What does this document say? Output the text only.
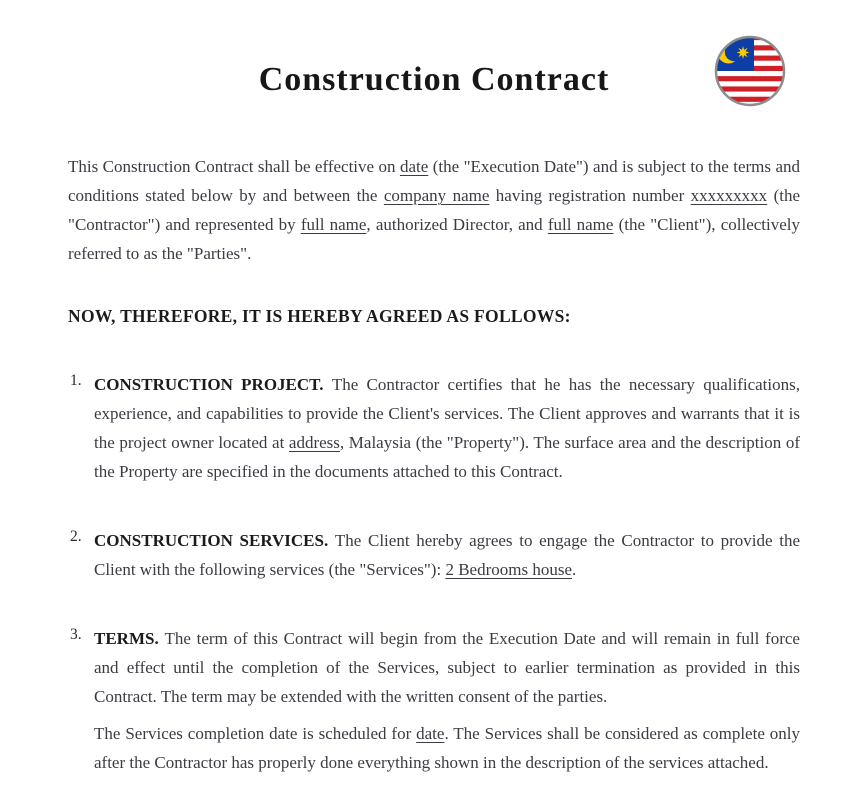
Construction Contract

This Construction Contract shall be effective on date (the "Execution Date") and is subject to the terms and conditions stated below by and between the company name having registration number xxxxxxxxx (the "Contractor") and represented by full name, authorized Director, and full name (the "Client"), collectively referred to as the "Parties".

NOW, THEREFORE, IT IS HEREBY AGREED AS FOLLOWS:
1. CONSTRUCTION PROJECT. The Contractor certifies that he has the necessary qualifications, experience, and capabilities to provide the Client's services. The Client approves and warrants that it is the project owner located at address, Malaysia (the "Property"). The surface area and the description of the Property are specified in the documents attached to this Contract.

2. CONSTRUCTION SERVICES. The Client hereby agrees to engage the Contractor to provide the Client with the following services (the "Services"): 2 Bedrooms house.

3. TERMS. The term of this Contract will begin from the Execution Date and will remain in full force and effect until the completion of the Services, subject to earlier termination as provided in this Contract. The term may be extended with the written consent of the parties.

The Services completion date is scheduled for date. The Services shall be considered as complete only after the Contractor has properly done everything shown in the description of the services attached.
